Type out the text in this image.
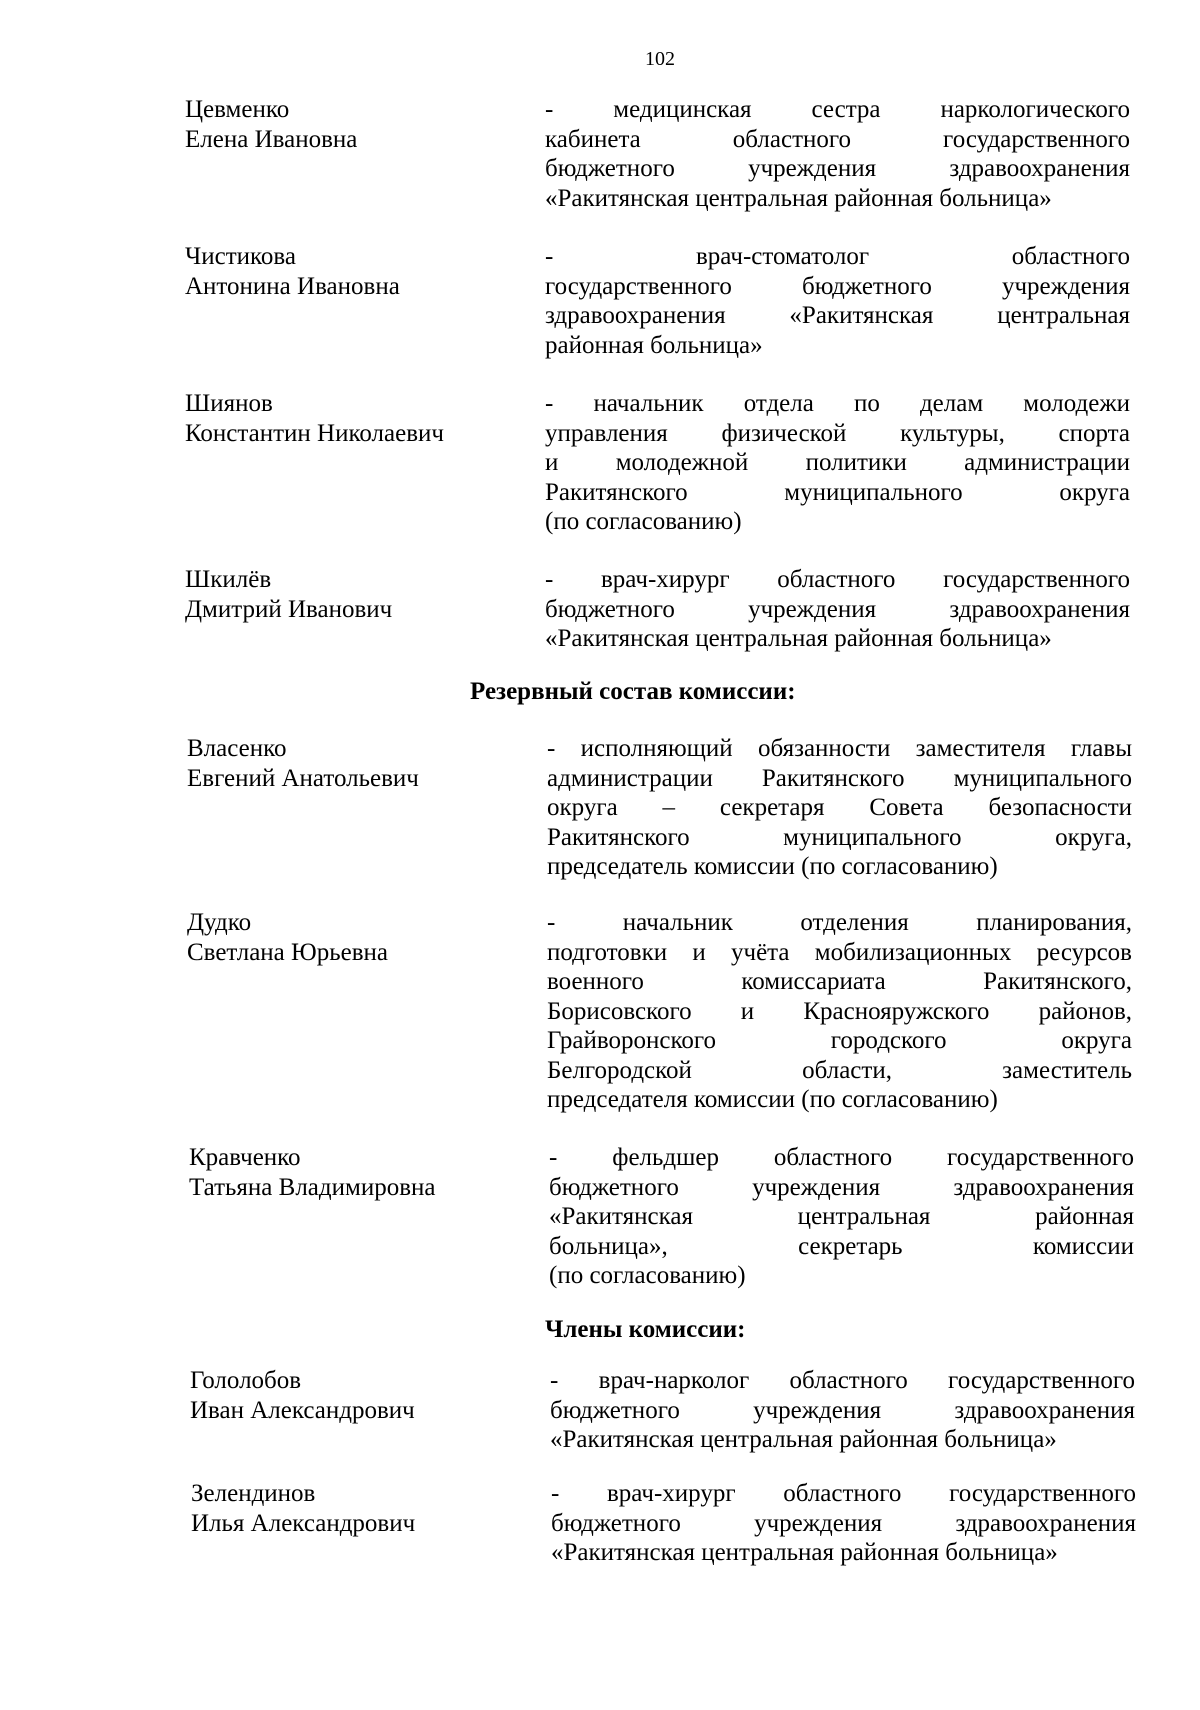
102
Цевменко
Елена Ивановна
- медицинская сестра наркологического
кабинета областного государственного
бюджетного учреждения здравоохранения
«Ракитянская центральная районная больница»
Чистикова
Антонина Ивановна
- врач-стоматолог областного
государственного бюджетного учреждения
здравоохранения «Ракитянская центральная
районная больница»
Шиянов
Константин Николаевич
- начальник отдела по делам молодежи
управления физической культуры, спорта
и молодежной политики администрации
Ракитянского муниципального округа
(по согласованию)
Шкилёв
Дмитрий Иванович
- врач-хирург областного государственного
бюджетного учреждения здравоохранения
«Ракитянская центральная районная больница»
Резервный состав комиссии:
Власенко
Евгений Анатольевич
- исполняющий обязанности заместителя главы
администрации Ракитянского муниципального
округа – секретаря Совета безопасности
Ракитянского муниципального округа,
председатель комиссии (по согласованию)
Дудко
Светлана Юрьевна
- начальник отделения планирования,
подготовки и учёта мобилизационных ресурсов
военного комиссариата Ракитянского,
Борисовского и Краснояружского районов,
Грайворонского городского округа
Белгородской области, заместитель
председателя комиссии (по согласованию)
Кравченко
Татьяна Владимировна
- фельдшер областного государственного
бюджетного учреждения здравоохранения
«Ракитянская центральная районная
больница», секретарь комиссии
(по согласованию)
Члены комиссии:
Гололобов
Иван Александрович
- врач-нарколог областного государственного
бюджетного учреждения здравоохранения
«Ракитянская центральная районная больница»
Зелендинов
Илья Александрович
- врач-хирург областного государственного
бюджетного учреждения здравоохранения
«Ракитянская центральная районная больница»
